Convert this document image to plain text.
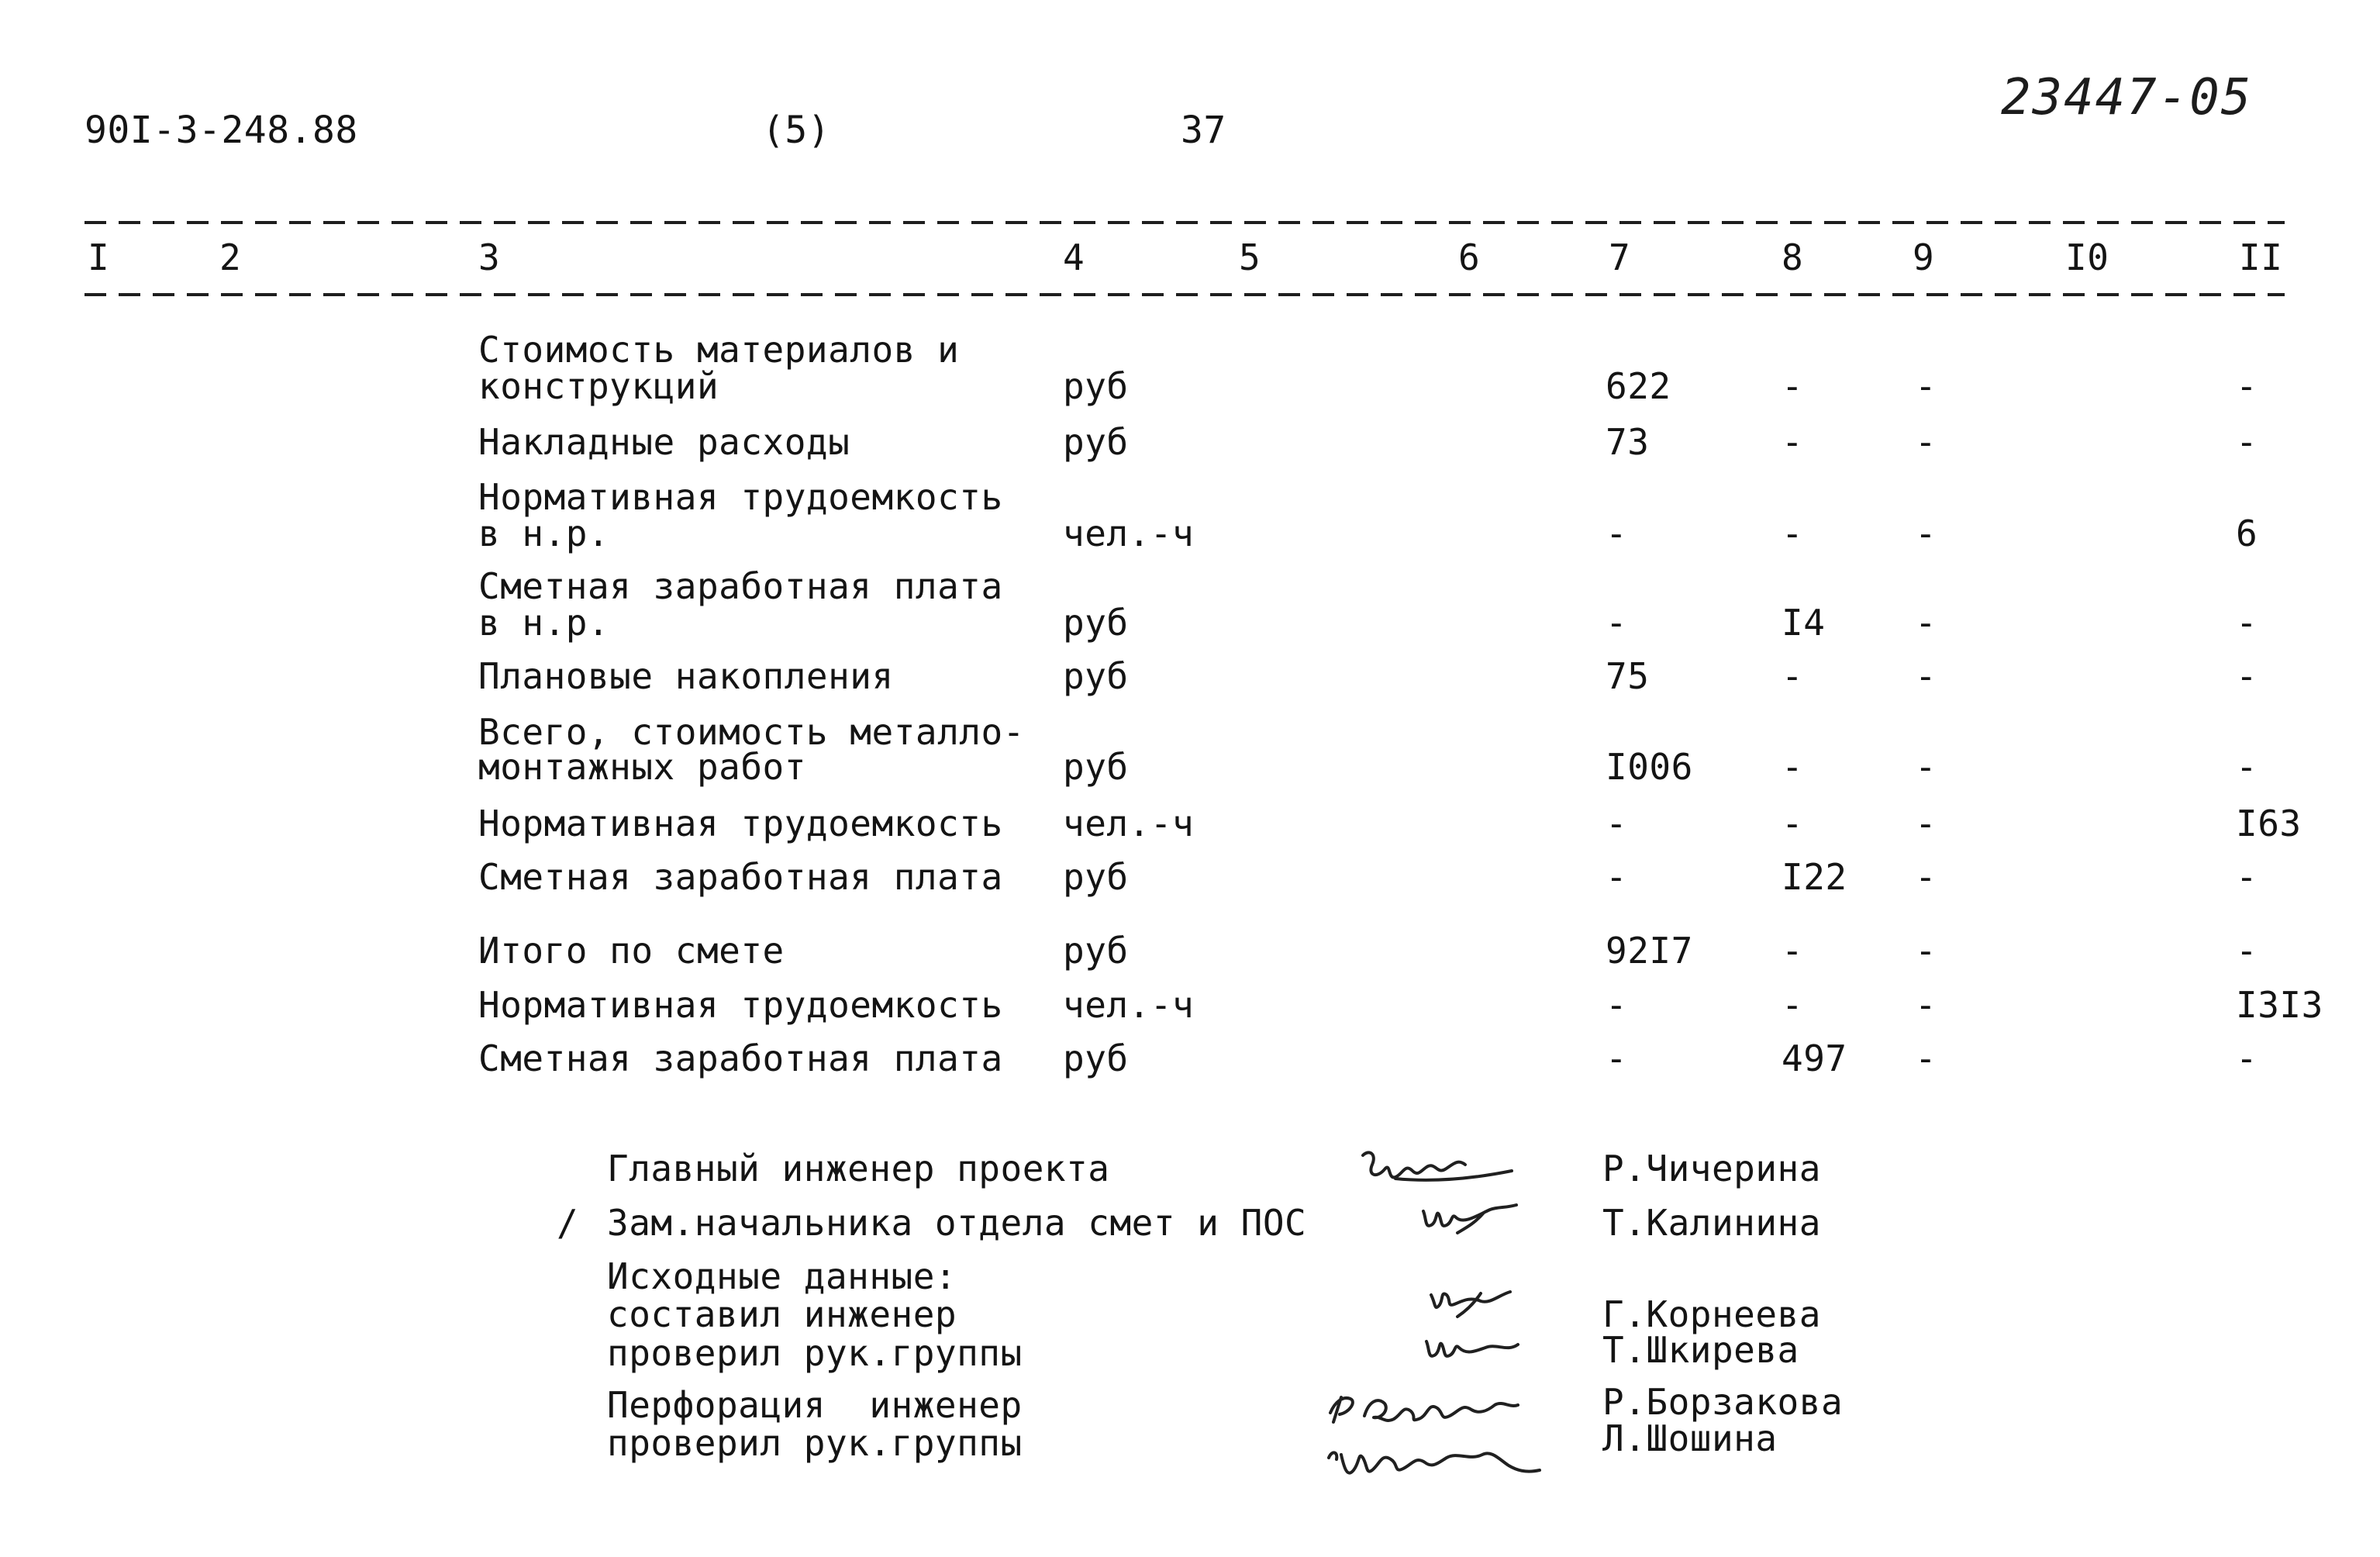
90I-3-248.88	(5)	37
23447-05
I	2	3	4	5	6	7	8	9	I0	II
Стоимость материалов и
конструкций	руб	622	-	-	-
Накладные расходы	руб	73	-	-	-
Нормативная трудоемкость
в н.р.	чел.-ч	-	-	-	6
Сметная заработная плата
в н.р.	руб	-	I4	-	-
Плановые накопления	руб	75	-	-	-
Всего, стоимость металло-
монтажных работ	руб	I006 -	-	-
Нормативная трудоемкость чел.-ч	-	-	-	I63
Сметная заработная плата руб	-	I22 -	-
Итого по смете	руб	92I7 -	-	-
Нормативная трудоемкость чел.-ч	-	-	-	I3I3
Сметная заработная плата руб	-	497 -	-
Главный инженер проекта	Р.Чичерина
/ Зам.начальника отдела смет и ПОС	Т.Калинина
Исходные данные:
составил инженер	Г.Корнеева
проверил рук.группы	Т.Шкирева
Перфорация  инженер	Р.Борзакова
проверил рук.группы	Л.Шошина
